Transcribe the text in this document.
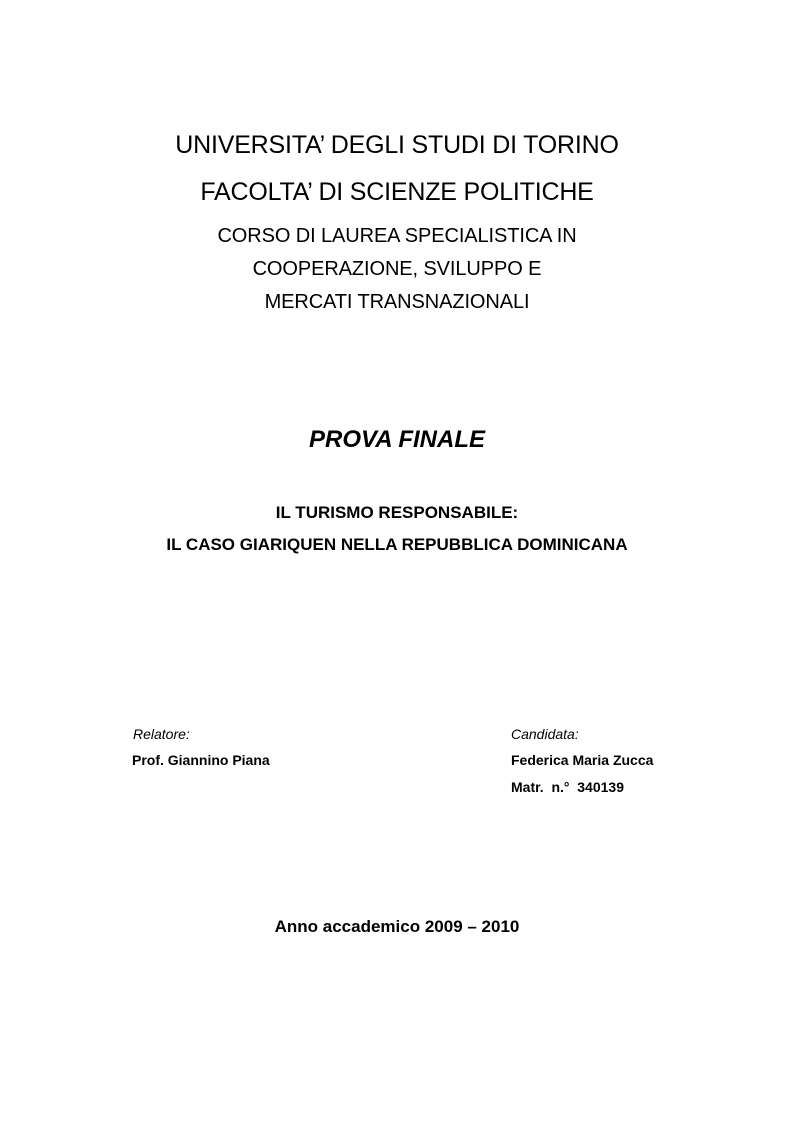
UNIVERSITA’ DEGLI STUDI DI TORINO
FACOLTA’ DI SCIENZE POLITICHE
CORSO DI LAUREA SPECIALISTICA IN
COOPERAZIONE, SVILUPPO E
MERCATI TRANSNAZIONALI
PROVA FINALE
IL TURISMO RESPONSABILE:
IL CASO GIARIQUEN NELLA REPUBBLICA DOMINICANA
Relatore:
Prof. Giannino Piana
Candidata:
Federica Maria Zucca
Matr.  n.°  340139
Anno accademico 2009 – 2010
